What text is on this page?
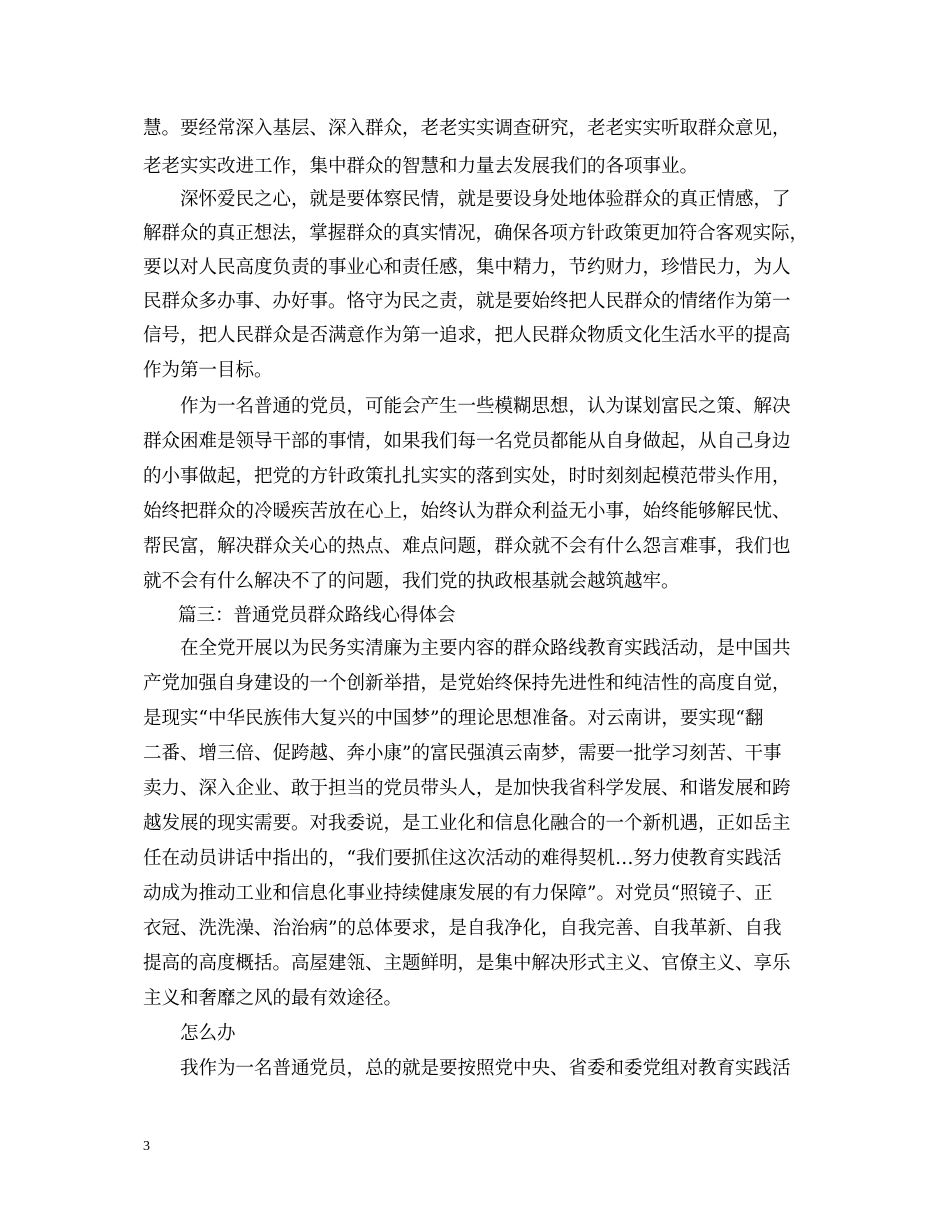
慧。要经常深入基层、深入群众，老老实实调查研究，老老实实听取群众意见，
老老实实改进工作，集中群众的智慧和力量去发展我们的各项事业。
深怀爱民之心，就是要体察民情，就是要设身处地体验群众的真正情感，了
解群众的真正想法，掌握群众的真实情况，确保各项方针政策更加符合客观实际，
要以对人民高度负责的事业心和责任感，集中精力，节约财力，珍惜民力，为人
民群众多办事、办好事。恪守为民之责，就是要始终把人民群众的情绪作为第一
信号，把人民群众是否满意作为第一追求，把人民群众物质文化生活水平的提高
作为第一目标。
作为一名普通的党员，可能会产生一些模糊思想，认为谋划富民之策、解决
群众困难是领导干部的事情，如果我们每一名党员都能从自身做起，从自己身边
的小事做起，把党的方针政策扎扎实实的落到实处，时时刻刻起模范带头作用，
始终把群众的冷暖疾苦放在心上，始终认为群众利益无小事，始终能够解民忧、
帮民富，解决群众关心的热点、难点问题，群众就不会有什么怨言难事，我们也
就不会有什么解决不了的问题，我们党的执政根基就会越筑越牢。
篇三：普通党员群众路线心得体会
在全党开展以为民务实清廉为主要内容的群众路线教育实践活动，是中国共
产党加强自身建设的一个创新举措，是党始终保持先进性和纯洁性的高度自觉，
是现实“中华民族伟大复兴的中国梦”的理论思想准备。对云南讲，要实现“翻
二番、增三倍、促跨越、奔小康”的富民强滇云南梦，需要一批学习刻苦、干事
卖力、深入企业、敢于担当的党员带头人，是加快我省科学发展、和谐发展和跨
越发展的现实需要。对我委说，是工业化和信息化融合的一个新机遇，正如岳主
任在动员讲话中指出的，“我们要抓住这次活动的难得契机…努力使教育实践活
动成为推动工业和信息化事业持续健康发展的有力保障”。对党员“照镜子、正
衣冠、洗洗澡、治治病”的总体要求，是自我净化，自我完善、自我革新、自我
提高的高度概括。高屋建瓴、主题鲜明，是集中解决形式主义、官僚主义、享乐
主义和奢靡之风的最有效途径。
怎么办
我作为一名普通党员，总的就是要按照党中央、省委和委党组对教育实践活
3
